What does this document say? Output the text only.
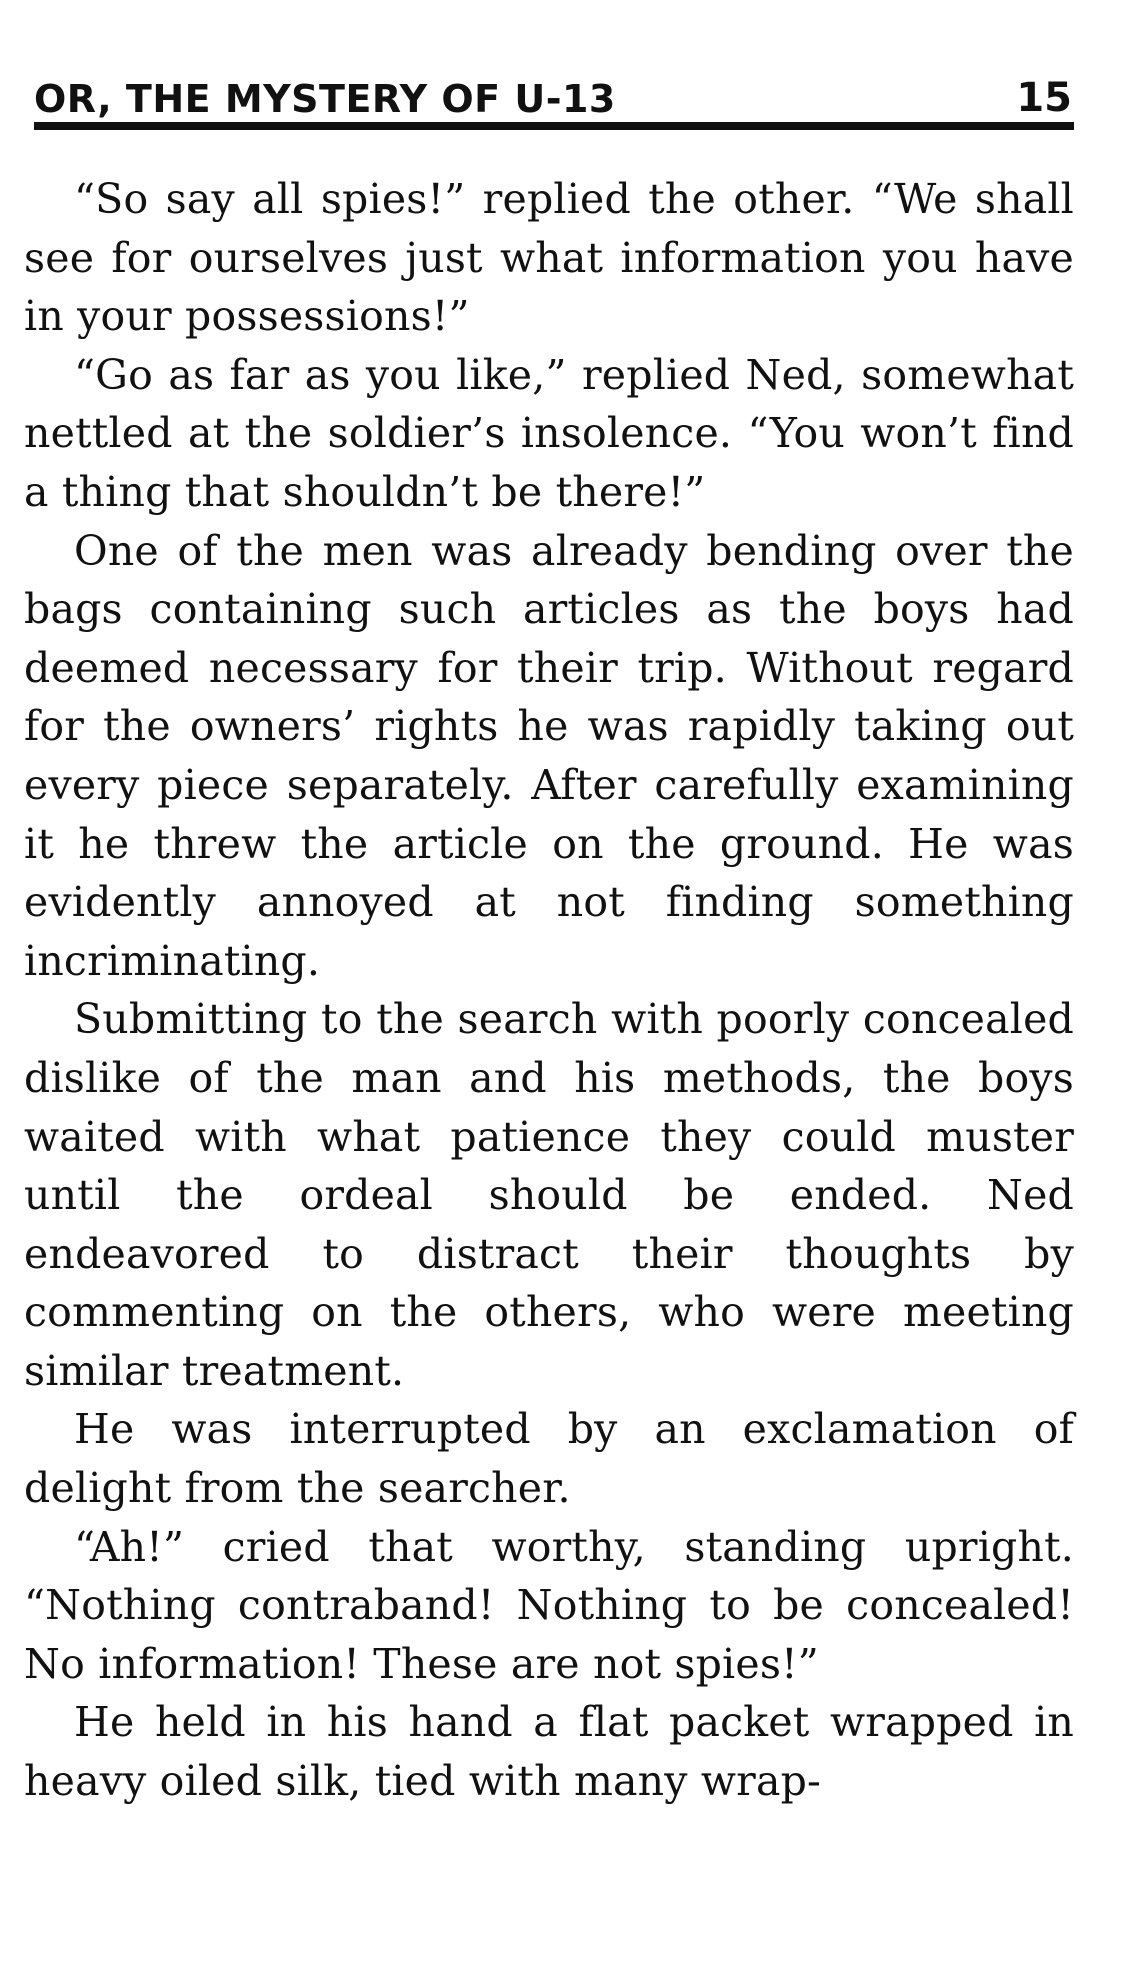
OR, THE MYSTERY OF U-13	15

“So say all spies!” replied the other. “We shall see for ourselves just what information you have in your possessions!”

“Go as far as you like,” replied Ned, somewhat nettled at the soldier’s insolence. “You won’t find a thing that shouldn’t be there!”

One of the men was already bending over the bags containing such articles as the boys had deemed necessary for their trip. Without regard for the owners’ rights he was rapidly taking out every piece separately. After carefully examining it he threw the article on the ground. He was evidently annoyed at not finding something incriminating.

Submitting to the search with poorly concealed dislike of the man and his methods, the boys waited with what patience they could muster until the ordeal should be ended. Ned endeavored to distract their thoughts by commenting on the others, who were meeting similar treatment.

He was interrupted by an exclamation of delight from the searcher.

“Ah!” cried that worthy, standing upright. “Nothing contraband! Nothing to be concealed! No information! These are not spies!”

He held in his hand a flat packet wrapped in heavy oiled silk, tied with many wrap-
